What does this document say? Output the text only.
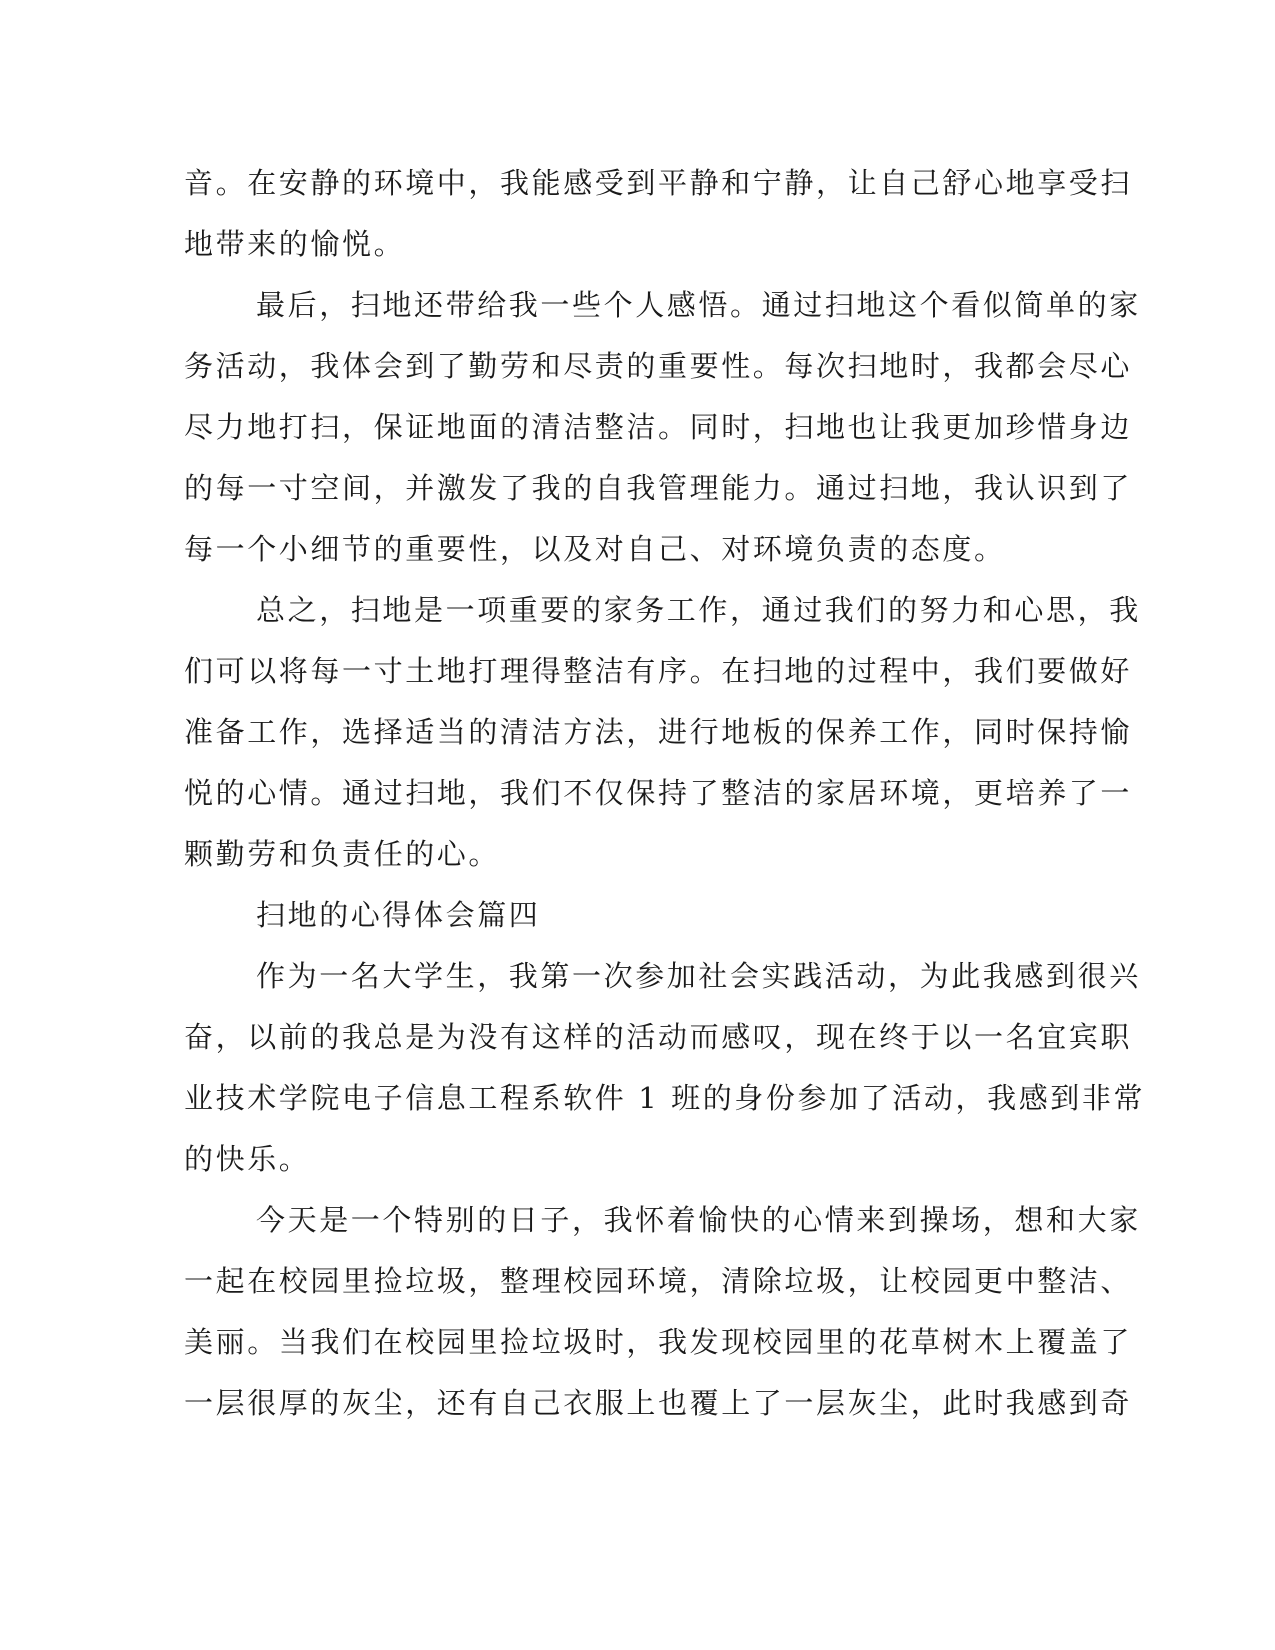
音。在安静的环境中，我能感受到平静和宁静，让自己舒心地享受扫
地带来的愉悦。
最后，扫地还带给我一些个人感悟。通过扫地这个看似简单的家
务活动，我体会到了勤劳和尽责的重要性。每次扫地时，我都会尽心
尽力地打扫，保证地面的清洁整洁。同时，扫地也让我更加珍惜身边
的每一寸空间，并激发了我的自我管理能力。通过扫地，我认识到了
每一个小细节的重要性，以及对自己、对环境负责的态度。
总之，扫地是一项重要的家务工作，通过我们的努力和心思，我
们可以将每一寸土地打理得整洁有序。在扫地的过程中，我们要做好
准备工作，选择适当的清洁方法，进行地板的保养工作，同时保持愉
悦的心情。通过扫地，我们不仅保持了整洁的家居环境，更培养了一
颗勤劳和负责任的心。
扫地的心得体会篇四
作为一名大学生，我第一次参加社会实践活动，为此我感到很兴
奋，以前的我总是为没有这样的活动而感叹，现在终于以一名宜宾职
业技术学院电子信息工程系软件 1 班的身份参加了活动，我感到非常
的快乐。
今天是一个特别的日子，我怀着愉快的心情来到操场，想和大家
一起在校园里捡垃圾，整理校园环境，清除垃圾，让校园更中整洁、
美丽。当我们在校园里捡垃圾时，我发现校园里的花草树木上覆盖了
一层很厚的灰尘，还有自己衣服上也覆上了一层灰尘，此时我感到奇
